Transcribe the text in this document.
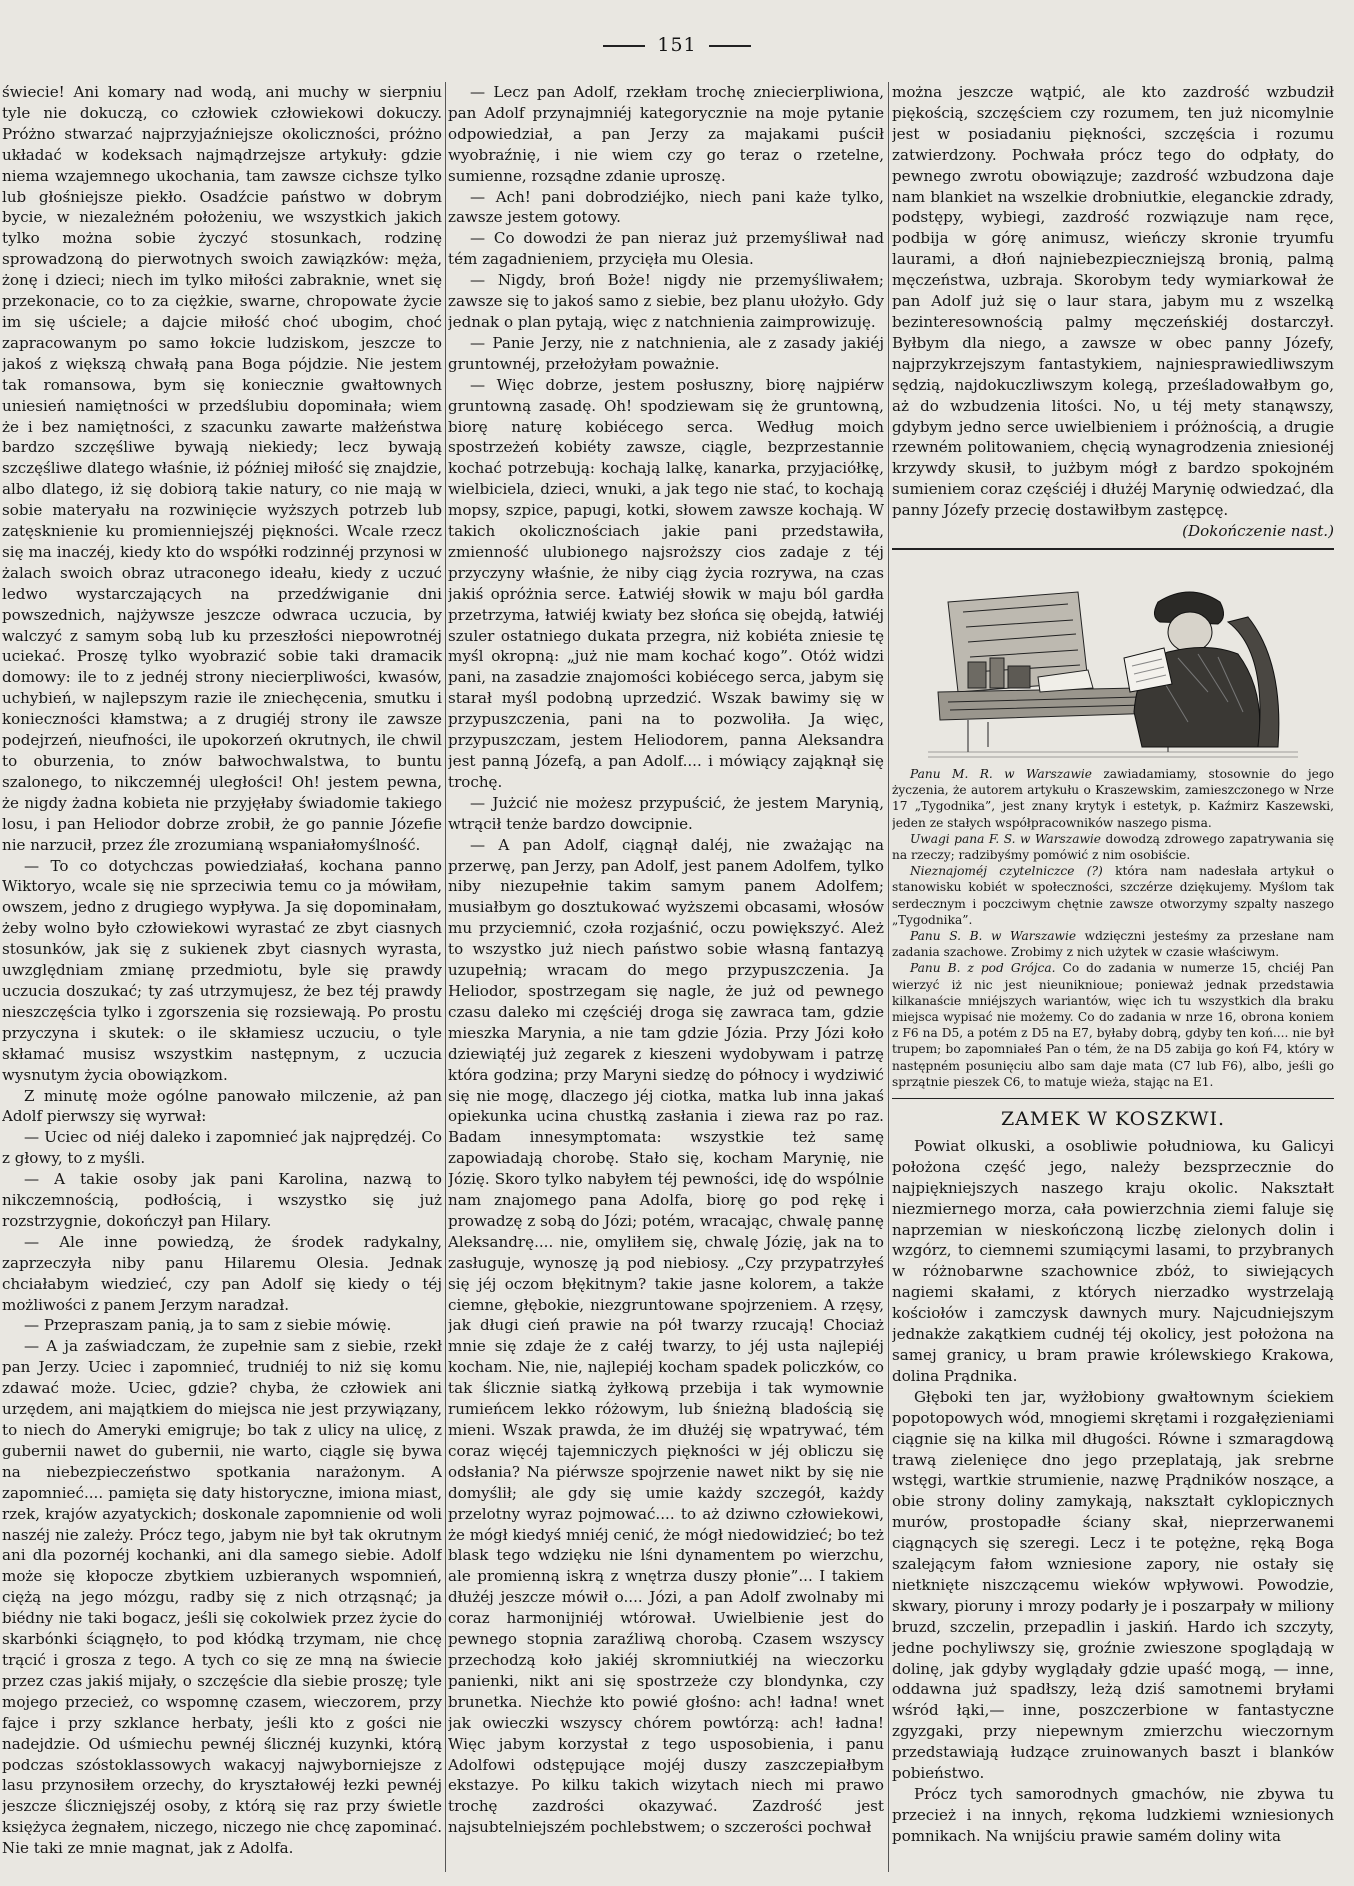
151

świecie! Ani komary nad wodą, ani muchy w sierpniu tyle nie dokuczą, co człowiek człowiekowi dokuczy. Próżno stwarzać najprzyjaźniejsze okoliczności, próżno układać w kodeksach najmądrzejsze artykuły: gdzie niema wzajemnego ukochania, tam zawsze cichsze tylko lub głośniejsze piekło. Osadźcie państwo w dobrym bycie, w niezależném położeniu, we wszystkich jakich tylko można sobie życzyć stosunkach, rodzinę sprowadzoną do pierwotnych swoich zawiązków: męża, żonę i dzieci; niech im tylko miłości zabraknie, wnet się przekonacie, co to za ciężkie, swarne, chropowate życie im się uściele; a dajcie miłość choć ubogim, choć zapracowanym po samo łokcie ludziskom, jeszcze to jakoś z większą chwałą pana Boga pójdzie. Nie jestem tak romansowa, bym się koniecznie gwałtownych uniesień namiętności w przedślubiu dopominała; wiem że i bez namiętności, z szacunku zawarte małżeństwa bardzo szczęśliwe bywają niekiedy; lecz bywają szczęśliwe dlatego właśnie, iż później miłość się znajdzie, albo dlatego, iż się dobiorą takie natury, co nie mają w sobie materyału na rozwinięcie wyższych potrzeb lub zatęsknienie ku promienniejszéj piękności. Wcale rzecz się ma inaczéj, kiedy kto do współki rodzinnéj przynosi w żalach swoich obraz utraconego ideału, kiedy z uczuć ledwo wystarczających na przedźwiganie dni powszednich, najżywsze jeszcze odwraca uczucia, by walczyć z samym sobą lub ku przeszłości niepowrotnéj uciekać. Proszę tylko wyobrazić sobie taki dramacik domowy: ile to z jednéj strony niecierpliwości, kwasów, uchybień, w najlepszym razie ile zniechęcenia, smutku i konieczności kłamstwa; a z drugiéj strony ile zawsze podejrzeń, nieufności, ile upokorzeń okrutnych, ile chwil to oburzenia, to znów bałwochwalstwa, to buntu szalonego, to nikczemnéj uległości! Oh! jestem pewna, że nigdy żadna kobieta nie przyjęłaby świadomie takiego losu, i pan Heliodor dobrze zrobił, że go pannie Józefie nie narzucił, przez źle zrozumianą wspaniałomyślność.

— To co dotychczas powiedziałaś, kochana panno Wiktoryo, wcale się nie sprzeciwia temu co ja mówiłam, owszem, jedno z drugiego wypływa. Ja się dopominałam, żeby wolno było człowiekowi wyrastać ze zbyt ciasnych stosunków, jak się z sukienek zbyt ciasnych wyrasta, uwzględniam zmianę przedmiotu, byle się prawdy uczucia doszukać; ty zaś utrzymujesz, że bez téj prawdy nieszczęścia tylko i zgorszenia się rozsiewają. Po prostu przyczyna i skutek: o ile skłamiesz uczuciu, o tyle skłamać musisz wszystkim następnym, z uczucia wysnutym życia obowiązkom.

Z minutę może ogólne panowało milczenie, aż pan Adolf pierwszy się wyrwał:

— Uciec od niéj daleko i zapomnieć jak najprędzéj. Co z głowy, to z myśli.

— A takie osoby jak pani Karolina, nazwą to nikczemnością, podłością, i wszystko się już rozstrzygnie, dokończył pan Hilary.

— Ale inne powiedzą, że środek radykalny, zaprzeczyła niby panu Hilaremu Olesia. Jednak chciałabym wiedzieć, czy pan Adolf się kiedy o téj możliwości z panem Jerzym naradzał.

— Przepraszam panią, ja to sam z siebie mówię.

— A ja zaświadczam, że zupełnie sam z siebie, rzekł pan Jerzy. Uciec i zapomnieć, trudniéj to niż się komu zdawać może. Uciec, gdzie? chyba, że człowiek ani urzędem, ani majątkiem do miejsca nie jest przywiązany, to niech do Ameryki emigruje; bo tak z ulicy na ulicę, z gubernii nawet do gubernii, nie warto, ciągle się bywa na niebezpieczeństwo spotkania narażonym. A zapomnieć.... pamięta się daty historyczne, imiona miast, rzek, krajów azyatyckich; doskonale zapomnienie od woli naszéj nie zależy. Prócz tego, jabym nie był tak okrutnym ani dla pozornéj kochanki, ani dla samego siebie. Adolf może się kłopocze zbytkiem uzbieranych wspomnień, ciężą na jego mózgu, radby się z nich otrząsnąć; ja biédny nie taki bogacz, jeśli się cokolwiek przez życie do skarbónki ściągnęło, to pod kłódką trzymam, nie chcę trącić i grosza z tego. A tych co się ze mną na świecie przez czas jakiś mijały, o szczęście dla siebie proszę; tyle mojego przecież, co wspomnę czasem, wieczorem, przy fajce i przy szklance herbaty, jeśli kto z gości nie nadejdzie. Od uśmiechu pewnéj ślicznéj kuzynki, którą podczas szóstoklassowych wakacyj najwyborniejsze z lasu przynosiłem orzechy, do kryształowéj łezki pewnéj jeszcze ślicznięjszéj osoby, z którą się raz przy świetle księżyca żegnałem, niczego, niczego nie chcę zapominać. Nie taki ze mnie magnat, jak z Adolfa.

— Lecz pan Adolf, rzekłam trochę zniecierpliwiona, pan Adolf przynajmniéj kategorycznie na moje pytanie odpowiedział, a pan Jerzy za majakami puścił wyobraźnię, i nie wiem czy go teraz o rzetelne, sumienne, rozsądne zdanie uproszę.

— Ach! pani dobrodziéjko, niech pani każe tylko, zawsze jestem gotowy.

— Co dowodzi że pan nieraz już przemyśliwał nad tém zagadnieniem, przycięła mu Olesia.

— Nigdy, broń Boże! nigdy nie przemyśliwałem; zawsze się to jakoś samo z siebie, bez planu ułożyło. Gdy jednak o plan pytają, więc z natchnienia zaimprowizuję.

— Panie Jerzy, nie z natchnienia, ale z zasady jakiéj gruntownéj, przełożyłam poważnie.

— Więc dobrze, jestem posłuszny, biorę najpiérw gruntowną zasadę. Oh! spodziewam się że gruntowną, biorę naturę kobiécego serca. Według moich spostrzeżeń kobiéty zawsze, ciągle, bezprzestannie kochać potrzebują: kochają lalkę, kanarka, przyjaciółkę, wielbiciela, dzieci, wnuki, a jak tego nie stać, to kochają mopsy, szpice, papugi, kotki, słowem zawsze kochają. W takich okolicznościach jakie pani przedstawiła, zmienność ulubionego najsroższy cios zadaje z téj przyczyny właśnie, że niby ciąg życia rozrywa, na czas jakiś opróżnia serce. Łatwiéj słowik w maju ból gardła przetrzyma, łatwiéj kwiaty bez słońca się obejdą, łatwiéj szuler ostatniego dukata przegra, niż kobiéta zniesie tę myśl okropną: „już nie mam kochać kogo”. Otóż widzi pani, na zasadzie znajomości kobiécego serca, jabym się starał myśl podobną uprzedzić. Wszak bawimy się w przypuszczenia, pani na to pozwoliła. Ja więc, przypuszczam, jestem Heliodorem, panna Aleksandra jest panną Józefą, a pan Adolf.... i mówiący zająknął się trochę.

— Jużcić nie możesz przypuścić, że jestem Marynią, wtrącił tenże bardzo dowcipnie.

— A pan Adolf, ciągnął daléj, nie zważając na przerwę, pan Jerzy, pan Adolf, jest panem Adolfem, tylko niby niezupełnie takim samym panem Adolfem; musiałbym go dosztukować wyższemi obcasami, włosów mu przyciemnić, czoła rozjaśnić, oczu powiększyć. Ależ to wszystko już niech państwo sobie własną fantazyą uzupełnią; wracam do mego przypuszczenia. Ja Heliodor, spostrzegam się nagle, że już od pewnego czasu daleko mi częściéj droga się zawraca tam, gdzie mieszka Marynia, a nie tam gdzie Józia. Przy Józi koło dziewiątéj już zegarek z kieszeni wydobywam i patrzę która godzina; przy Maryni siedzę do północy i wydziwić się nie mogę, dlaczego jéj ciotka, matka lub inna jakaś opiekunka ucina chustką zasłania i ziewa raz po raz. Badam innesymptomata: wszystkie też samę zapowiadają chorobę. Stało się, kocham Marynię, nie Józię. Skoro tylko nabyłem téj pewności, idę do wspólnie nam znajomego pana Adolfa, biorę go pod rękę i prowadzę z sobą do Józi; potém, wracając, chwalę pannę Aleksandrę.... nie, omyliłem się, chwalę Józię, jak na to zasługuje, wynoszę ją pod niebiosy. „Czy przypatrzyłeś się jéj oczom błękitnym? takie jasne kolorem, a także ciemne, głębokie, niezgruntowane spojrzeniem. A rzęsy, jak długi cień prawie na pół twarzy rzucają! Chociaż mnie się zdaje że z całéj twarzy, to jéj usta najlepiéj kocham. Nie, nie, najlepiéj kocham spadek policzków, co tak ślicznie siatką żyłkową przebija i tak wymownie rumieńcem lekko różowym, lub śnieżną bladością się mieni. Wszak prawda, że im dłużéj się wpatrywać, tém coraz więcéj tajemniczych piękności w jéj obliczu się odsłania? Na piérwsze spojrzenie nawet nikt by się nie domyślił; ale gdy się umie każdy szczegół, każdy przelotny wyraz pojmować.... to aż dziwno człowiekowi, że mógł kiedyś mniéj cenić, że mógł niedowidzieć; bo też blask tego wdzięku nie lśni dynamentem po wierzchu, ale promienną iskrą z wnętrza duszy płonie”... I takiem dłużéj jeszcze mówił o.... Józi, a pan Adolf zwolnaby mi coraz harmonijniéj wtórował. Uwielbienie jest do pewnego stopnia zaraźliwą chorobą. Czasem wszyscy przechodzą koło jakiéj skromniutkiéj na wieczorku panienki, nikt ani się spostrzeże czy blondynka, czy brunetka. Niechże kto powié głośno: ach! ładna! wnet jak owieczki wszyscy chórem powtórzą: ach! ładna! Więc jabym korzystał z tego usposobienia, i panu Adolfowi odstępujące mojéj duszy zaszczepiałbym ekstazye. Po kilku takich wizytach niech mi prawo trochę zazdrości okazywać. Zazdrość jest najsubtelniejszém pochlebstwem; o szczerości pochwał

można jeszcze wątpić, ale kto zazdrość wzbudził piękością, szczęściem czy rozumem, ten już nicomylnie jest w posiadaniu piękności, szczęścia i rozumu zatwierdzony. Pochwała prócz tego do odpłaty, do pewnego zwrotu obowiązuje; zazdrość wzbudzona daje nam blankiet na wszelkie drobniutkie, eleganckie zdrady, podstępy, wybiegi, zazdrość rozwiązuje nam ręce, podbija w górę animusz, wieńczy skronie tryumfu laurami, a dłoń najniebezpieczniejszą bronią, palmą męczeństwa, uzbraja. Skorobym tedy wymiarkował że pan Adolf już się o laur stara, jabym mu z wszelką bezinteresownością palmy męczeńskiéj dostarczył. Byłbym dla niego, a zawsze w obec panny Józefy, najprzykrzejszym fantastykiem, najniesprawiedliwszym sędzią, najdokuczliwszym kolegą, prześladowałbym go, aż do wzbudzenia litości. No, u téj mety stanąwszy, gdybym jedno serce uwielbieniem i próżnością, a drugie rzewném politowaniem, chęcią wynagrodzenia zniesionéj krzywdy skusił, to jużbym mógł z bardzo spokojném sumieniem coraz częściéj i dłużéj Marynię odwiedzać, dla panny Józefy przecię dostawiłbym zastępcę.

(Dokończenie nast.)

Panu M. R. w Warszawie zawiadamiamy, stosownie do jego życzenia, że autorem artykułu o Kraszewskim, zamieszczonego w Nrze 17 „Tygodnika”, jest znany krytyk i estetyk, p. Kaźmirz Kaszewski, jeden ze stałych współpracowników naszego pisma.

Uwagi pana F. S. w Warszawie dowodzą zdrowego zapatrywania się na rzeczy; radzibyśmy pomówić z nim osobiście.

Nieznajoméj czytelniczce (?) która nam nadesłała artykuł o stanowisku kobiét w społeczności, szczérze dziękujemy. Myślom tak serdecznym i poczciwym chętnie zawsze otworzymy szpalty naszego „Tygodnika”.

Panu S. B. w Warszawie wdzięczni jesteśmy za przesłane nam zadania szachowe. Zrobimy z nich użytek w czasie właściwym.

Panu B. z pod Grójca. Co do zadania w numerze 15, chciéj Pan wierzyć iż nic jest nieuniknioue; ponieważ jednak przedstawia kilkanaście mniéjszych wariantów, więc ich tu wszystkich dla braku miejsca wypisać nie możemy. Co do zadania w nrze 16, obrona koniem z F6 na D5, a potém z D5 na E7, byłaby dobrą, gdyby ten koń.... nie był trupem; bo zapomniałeś Pan o tém, że na D5 zabija go koń F4, który w następném posunięciu albo sam daje mata (C7 lub F6), albo, jeśli go sprzątnie pieszek C6, to matuje wieża, stając na E1.

ZAMEK W KOSZKWI.

Powiat olkuski, a osobliwie południowa, ku Galicyi położona część jego, należy bezsprzecznie do najpiękniejszych naszego kraju okolic. Nakształt niezmiernego morza, cała powierzchnia ziemi faluje się naprzemian w nieskończoną liczbę zielonych dolin i wzgórz, to ciemnemi szumiącymi lasami, to przybranych w różnobarwne szachownice zbóż, to siwiejących nagiemi skałami, z których nierzadko wystrzelają kościołów i zamczysk dawnych mury. Najcudniejszym jednakże zakątkiem cudnéj téj okolicy, jest położona na samej granicy, u bram prawie królewskiego Krakowa, dolina Prądnika.

Głęboki ten jar, wyżłobiony gwałtownym ściekiem popotopowych wód, mnogiemi skrętami i rozgałęzieniami ciągnie się na kilka mil długości. Równe i szmaragdową trawą zielenięce dno jego przeplatają, jak srebrne wstęgi, wartkie strumienie, nazwę Prądników noszące, a obie strony doliny zamykają, nakształt cyklopicznych murów, prostopadłe ściany skał, nieprzerwanemi ciągnących się szeregi. Lecz i te potężne, ręką Boga szalejącym fałom wzniesione zapory, nie ostały się nietknięte niszczącemu wieków wpływowi. Powodzie, skwary, pioruny i mrozy podarły je i poszarpały w miliony bruzd, szczelin, przepadlin i jaskiń. Hardo ich szczyty, jedne pochyliwszy się, groźnie zwieszone spoglądają w dolinę, jak gdyby wyglądały gdzie upaść mogą, — inne, oddawna już spadłszy, leżą dziś samotnemi bryłami wśród łąki,— inne, poszczerbione w fantastyczne zgyzgaki, przy niepewnym zmierzchu wieczornym przedstawiają łudzące zruinowanych baszt i blanków pobieństwo.

Prócz tych samorodnych gmachów, nie zbywa tu przecież i na innych, rękoma ludzkiemi wzniesionych pomnikach. Na wnijściu prawie samém doliny wita
